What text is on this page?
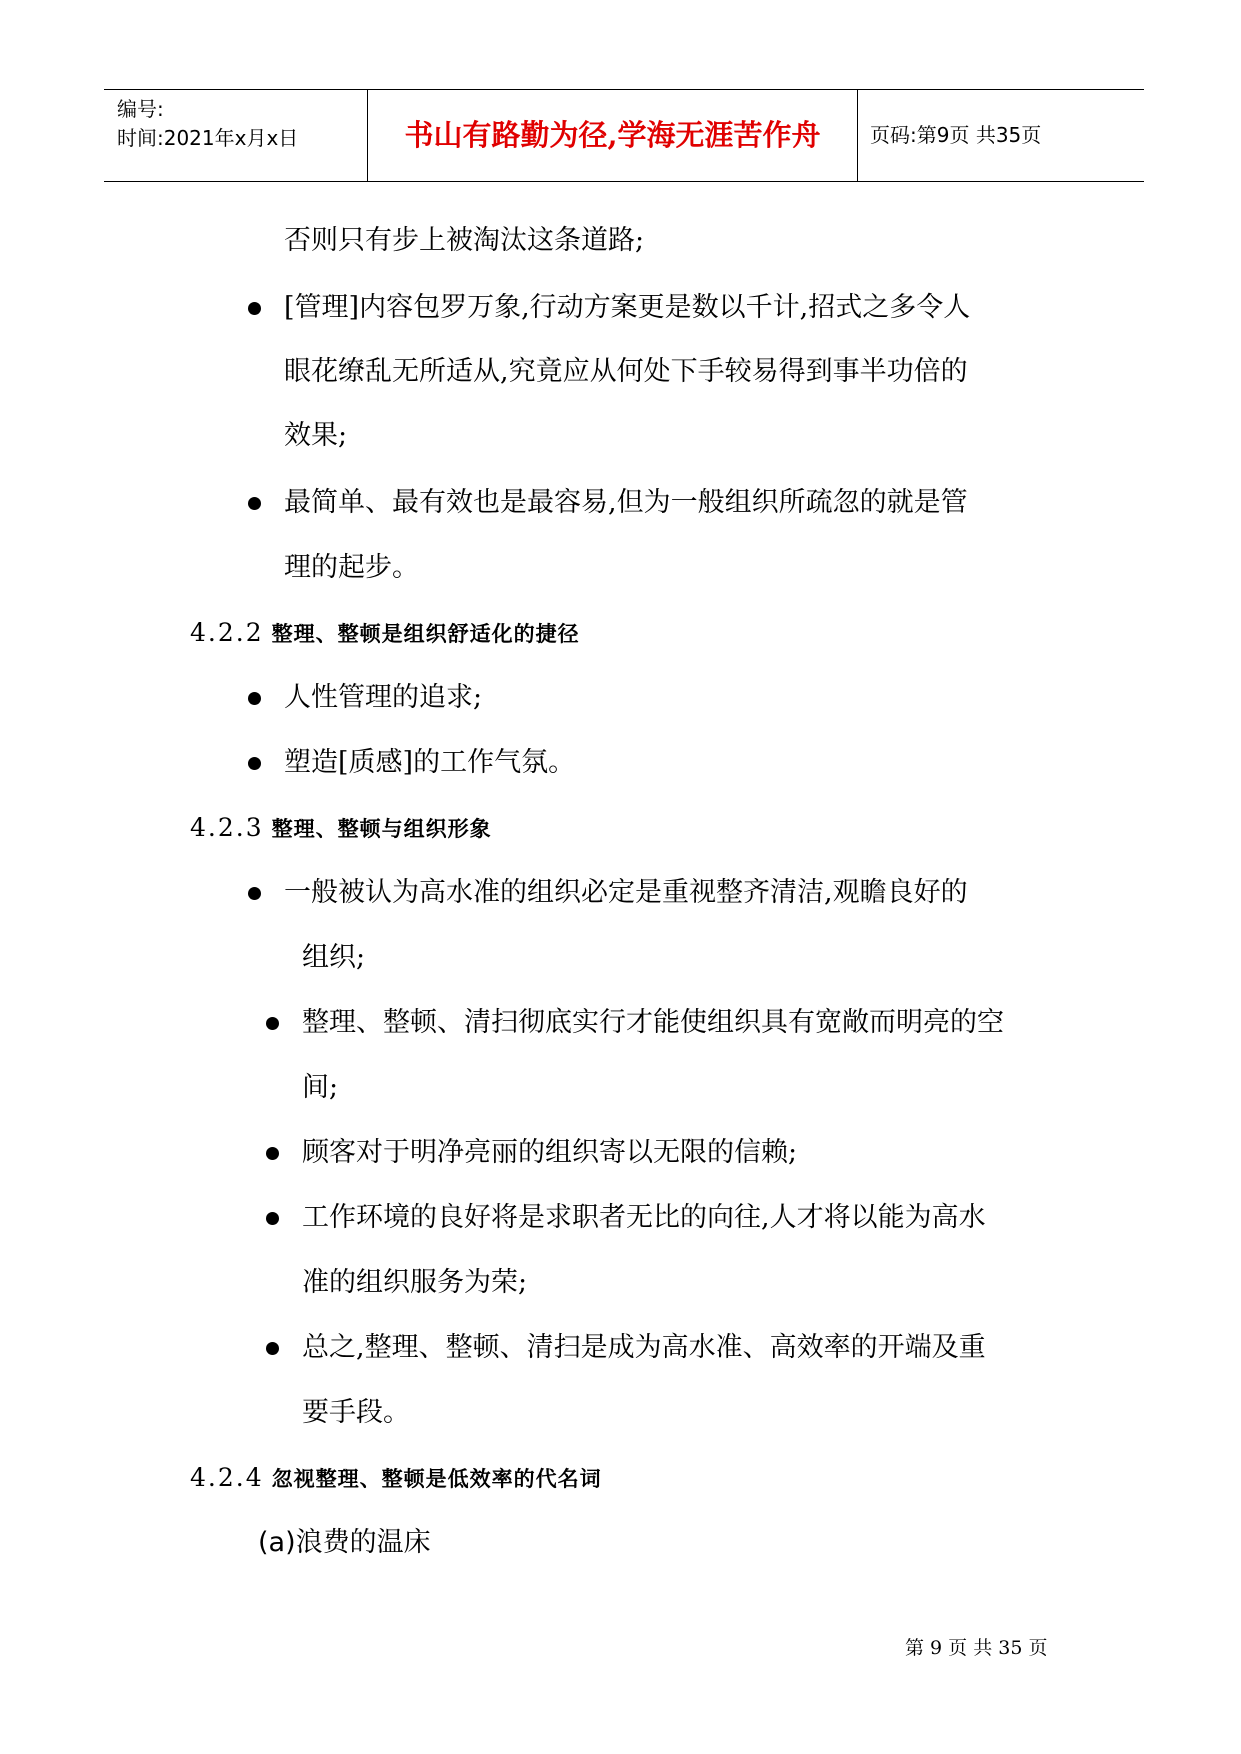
编号:
时间:2021年x月x日	书山有路勤为径,学海无涯苦作舟	页码:第9页 共35页
否则只有步上被淘汰这条道路;
[管理]内容包罗万象,行动方案更是数以千计,招式之多令人
眼花缭乱无所适从,究竟应从何处下手较易得到事半功倍的
效果;
最简单、最有效也是最容易,但为一般组织所疏忽的就是管
理的起步。
4.2.2 整理、整顿是组织舒适化的捷径
人性管理的追求;
塑造[质感]的工作气氛。
4.2.3 整理、整顿与组织形象
一般被认为高水准的组织必定是重视整齐清洁,观瞻良好的
组织;
整理、整顿、清扫彻底实行才能使组织具有宽敞而明亮的空
间;
顾客对于明净亮丽的组织寄以无限的信赖;
工作环境的良好将是求职者无比的向往,人才将以能为高水
准的组织服务为荣;
总之,整理、整顿、清扫是成为高水准、高效率的开端及重
要手段。
4.2.4 忽视整理、整顿是低效率的代名词
(a)浪费的温床
第 9 页 共 35 页
